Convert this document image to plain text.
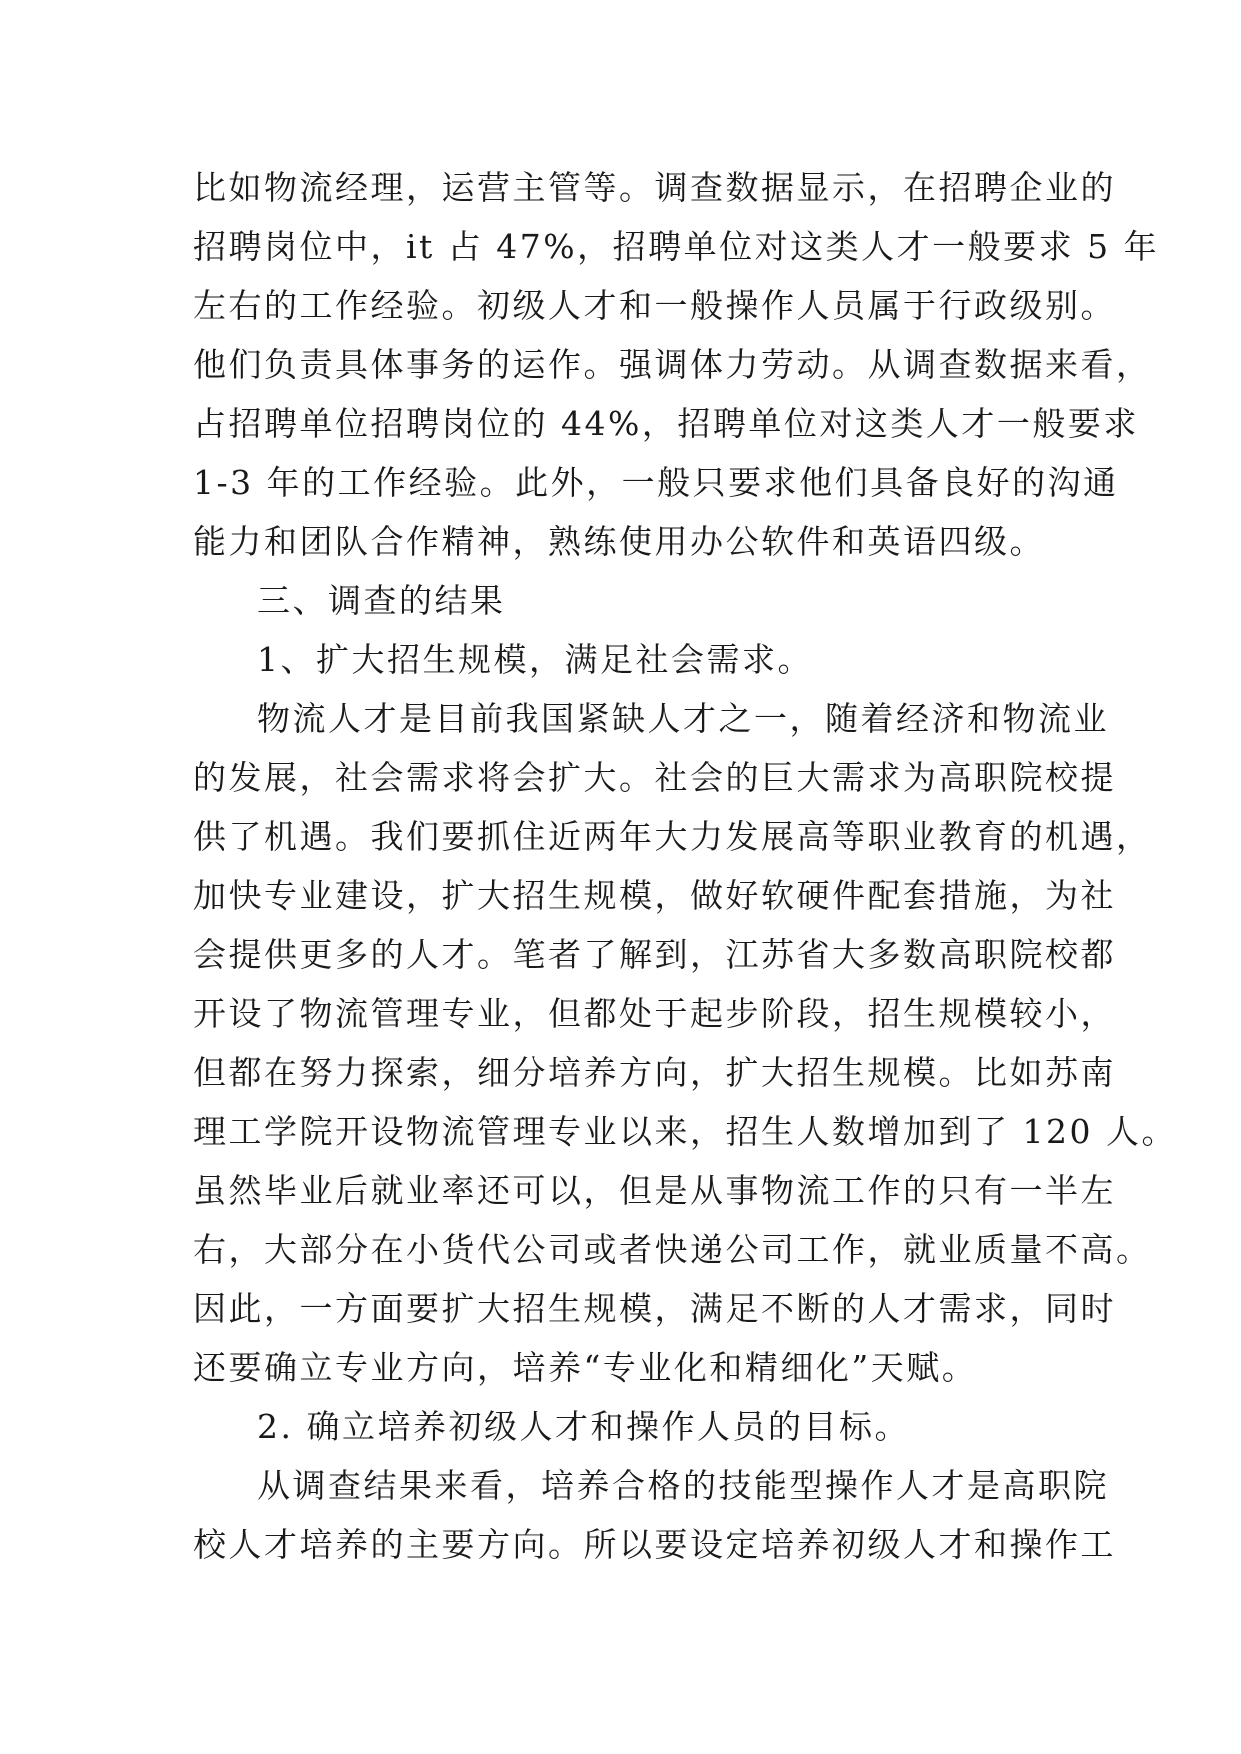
比如物流经理，运营主管等。调查数据显示，在招聘企业的
招聘岗位中，it 占 47%，招聘单位对这类人才一般要求 5 年
左右的工作经验。初级人才和一般操作人员属于行政级别。
他们负责具体事务的运作。强调体力劳动。从调查数据来看，
占招聘单位招聘岗位的 44%，招聘单位对这类人才一般要求
1-3 年的工作经验。此外，一般只要求他们具备良好的沟通
能力和团队合作精神，熟练使用办公软件和英语四级。
三、调查的结果
1、扩大招生规模，满足社会需求。
物流人才是目前我国紧缺人才之一，随着经济和物流业
的发展，社会需求将会扩大。社会的巨大需求为高职院校提
供了机遇。我们要抓住近两年大力发展高等职业教育的机遇，
加快专业建设，扩大招生规模，做好软硬件配套措施，为社
会提供更多的人才。笔者了解到，江苏省大多数高职院校都
开设了物流管理专业，但都处于起步阶段，招生规模较小，
但都在努力探索，细分培养方向，扩大招生规模。比如苏南
理工学院开设物流管理专业以来，招生人数增加到了 120 人。
虽然毕业后就业率还可以，但是从事物流工作的只有一半左
右，大部分在小货代公司或者快递公司工作，就业质量不高。
因此，一方面要扩大招生规模，满足不断的人才需求，同时
还要确立专业方向，培养“专业化和精细化”天赋。
2. 确立培养初级人才和操作人员的目标。
从调查结果来看，培养合格的技能型操作人才是高职院
校人才培养的主要方向。所以要设定培养初级人才和操作工
